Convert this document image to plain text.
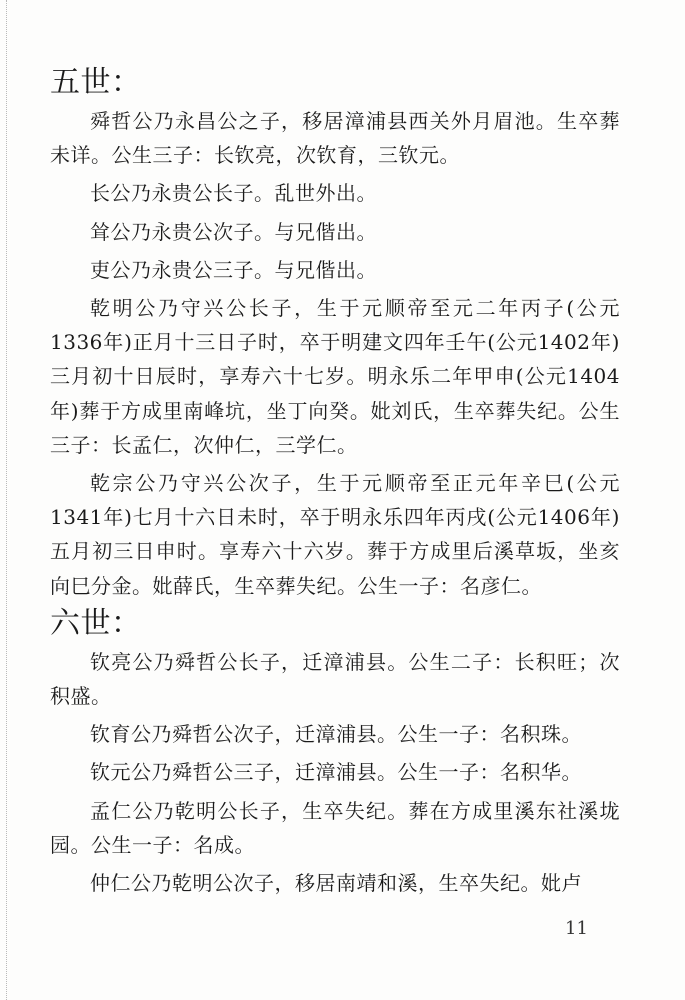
五世：

舜哲公乃永昌公之子，移居漳浦县西关外月眉池。生卒葬未详。公生三子：长钦亮，次钦育，三钦元。

长公乃永贵公长子。乱世外出。

耸公乃永贵公次子。与兄偕出。

吏公乃永贵公三子。与兄偕出。

乾明公乃守兴公长子，生于元顺帝至元二年丙子(公元1336年)正月十三日子时，卒于明建文四年壬午(公元1402年)三月初十日辰时，享寿六十七岁。明永乐二年甲申(公元1404年)葬于方成里南峰坑，坐丁向癸。妣刘氏，生卒葬失纪。公生三子：长孟仁，次仲仁，三学仁。

乾宗公乃守兴公次子，生于元顺帝至正元年辛巳(公元1341年)七月十六日未时，卒于明永乐四年丙戌(公元1406年)五月初三日申时。享寿六十六岁。葬于方成里后溪草坂，坐亥向巳分金。妣薛氏，生卒葬失纪。公生一子：名彦仁。

六世：

钦亮公乃舜哲公长子，迁漳浦县。公生二子：长积旺；次积盛。

钦育公乃舜哲公次子，迁漳浦县。公生一子：名积珠。

钦元公乃舜哲公三子，迁漳浦县。公生一子：名积华。

孟仁公乃乾明公长子，生卒失纪。葬在方成里溪东社溪垅园。公生一子：名成。

仲仁公乃乾明公次子，移居南靖和溪，生卒失纪。妣卢

11
